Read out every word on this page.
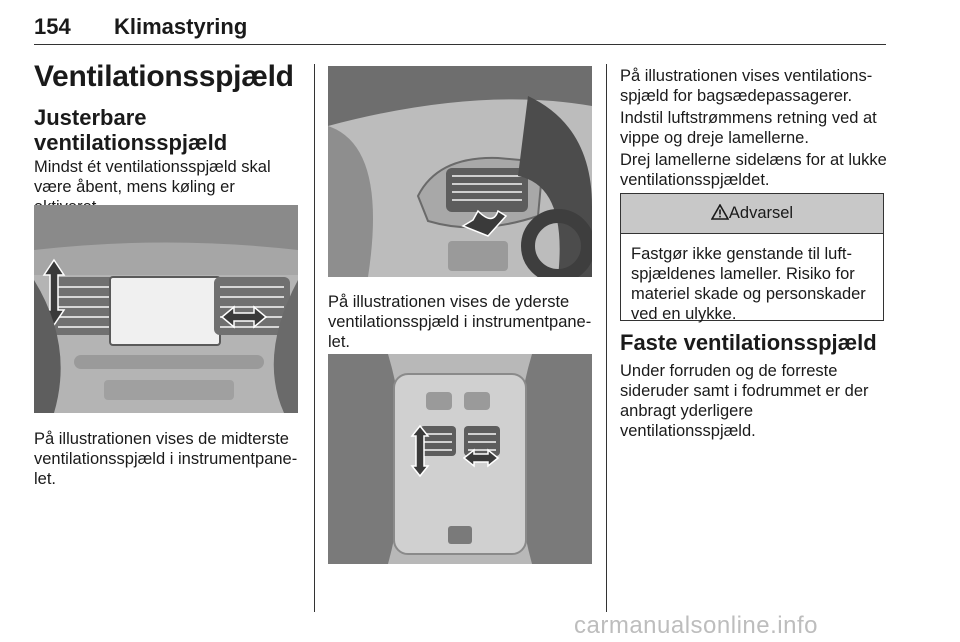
154 Klimastyring
Ventilationsspjæld
Justerbare ventilationsspjæld
Mindst ét ventilationsspjæld skal være åbent, mens køling er
På illustrationen vises de midterste ventilationsspjæld i instrumentpanelet.
På illustrationen vises de yderste ventilationsspjæld i instrumentpanelet.
På illustrationen vises ventilationsspjæld for bagsædepassagerer.
Indstil luftstrømmens retning ved at vippe og dreje lamellerne.
Drej lamellerne sidelæns for at lukke ventilationsspjældet.
Advarsel
Fastgør ikke genstande til luftspjældenes lameller. Risiko for materiel skade og personskader ved en ulykke.
Faste ventilationsspjæld
Under forruden og de forreste sideruder samt i fodrummet er der anbragt yderligere ventilationsspjæld.
carmanualsonline.info
